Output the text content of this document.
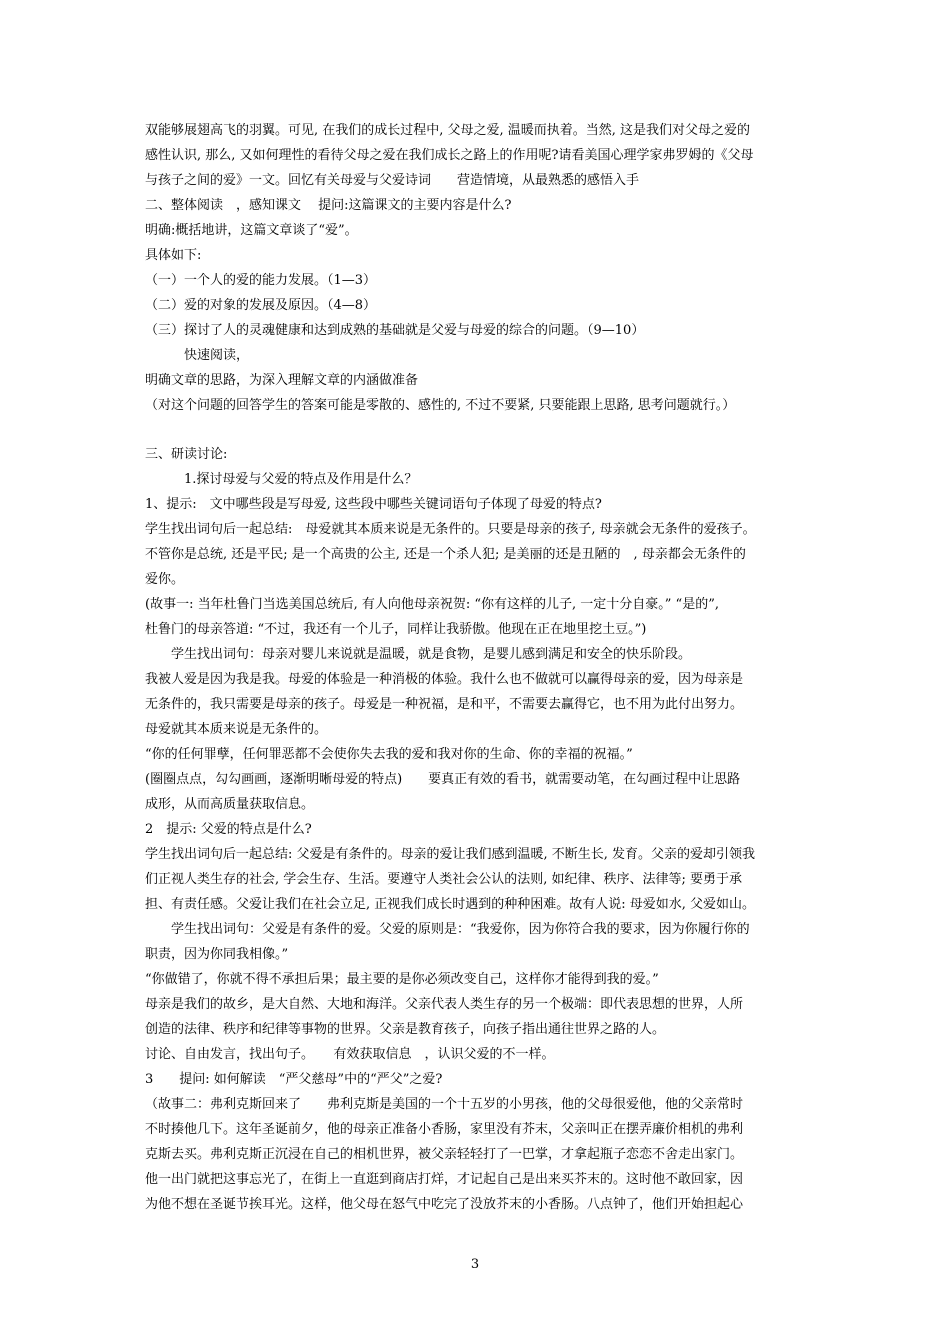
双能够展翅高飞的羽翼。可见, 在我们的成长过程中, 父母之爱, 温暖而执着。当然, 这是我们对父母之爱的
感性认识, 那么, 又如何理性的看待父母之爱在我们成长之路上的作用呢?请看美国心理学家弗罗姆的《父母
与孩子之间的爱》一文。回忆有关母爱与父爱诗词　　营造情境，从最熟悉的感悟入手
二、整体阅读　，感知课文　 提问:这篇课文的主要内容是什么?
明确:概括地讲，这篇文章谈了“爱”。
具体如下:
（一）一个人的爱的能力发展。（1—3）
（二）爱的对象的发展及原因。（4—8）
（三）探讨了人的灵魂健康和达到成熟的基础就是父爱与母爱的综合的问题。（9—10）
　　　快速阅读，
明确文章的思路，为深入理解文章的内涵做准备
（对这个问题的回答学生的答案可能是零散的、感性的, 不过不要紧, 只要能跟上思路, 思考问题就行。）
三、研读讨论:
　　　1.探讨母爱与父爱的特点及作用是什么？
1、提示:　文中哪些段是写母爱, 这些段中哪些关键词语句子体现了母爱的特点?
学生找出词句后一起总结:　母爱就其本质来说是无条件的。只要是母亲的孩子, 母亲就会无条件的爱孩子。
不管你是总统, 还是平民; 是一个高贵的公主, 还是一个杀人犯; 是美丽的还是丑陋的　, 母亲都会无条件的
爱你。
(故事一: 当年杜鲁门当选美国总统后, 有人向他母亲祝贺: “你有这样的儿子, 一定十分自豪。” “是的”,
杜鲁门的母亲答道: “不过，我还有一个儿子，同样让我骄傲。他现在正在地里挖土豆。”)
　　学生找出词句：母亲对婴儿来说就是温暖，就是食物，是婴儿感到满足和安全的快乐阶段。
我被人爱是因为我是我。母爱的体验是一种消极的体验。我什么也不做就可以赢得母亲的爱，因为母亲是
无条件的，我只需要是母亲的孩子。母爱是一种祝福，是和平，不需要去赢得它，也不用为此付出努力。
母爱就其本质来说是无条件的。
“你的任何罪孽，任何罪恶都不会使你失去我的爱和我对你的生命、你的幸福的祝福。”
(圈圈点点，勾勾画画，逐渐明晰母爱的特点)　　要真正有效的看书，就需要动笔，在勾画过程中让思路
成形，从而高质量获取信息。
2　提示: 父爱的特点是什么?
学生找出词句后一起总结: 父爱是有条件的。母亲的爱让我们感到温暖, 不断生长, 发育。父亲的爱却引领我
们正视人类生存的社会, 学会生存、生活。要遵守人类社会公认的法则, 如纪律、秩序、法律等; 要勇于承
担、有责任感。父爱让我们在社会立足, 正视我们成长时遇到的种种困难。故有人说: 母爱如水, 父爱如山。
　　学生找出词句：父爱是有条件的爱。父爱的原则是：“我爱你，因为你符合我的要求，因为你履行你的
职责，因为你同我相像。”
“你做错了，你就不得不承担后果；最主要的是你必须改变自己，这样你才能得到我的爱。”
母亲是我们的故乡，是大自然、大地和海洋。父亲代表人类生存的另一个极端：即代表思想的世界，人所
创造的法律、秩序和纪律等事物的世界。父亲是教育孩子，向孩子指出通往世界之路的人。
讨论、自由发言，找出句子。　　有效获取信息　，认识父爱的不一样。
3　　提问: 如何解读　“严父慈母”中的“严父”之爱?
（故事二：弗利克斯回来了　　弗利克斯是美国的一个十五岁的小男孩，他的父母很爱他，他的父亲常时
不时揍他几下。这年圣诞前夕，他的母亲正准备小香肠，家里没有芥末，父亲叫正在摆弄廉价相机的弗利
克斯去买。弗利克斯正沉浸在自己的相机世界，被父亲轻轻打了一巴掌，才拿起瓶子恋恋不舍走出家门。
他一出门就把这事忘光了，在街上一直逛到商店打烊，才记起自己是出来买芥末的。这时他不敢回家，因
为他不想在圣诞节挨耳光。这样，他父母在怒气中吃完了没放芥末的小香肠。八点钟了，他们开始担起心
3
